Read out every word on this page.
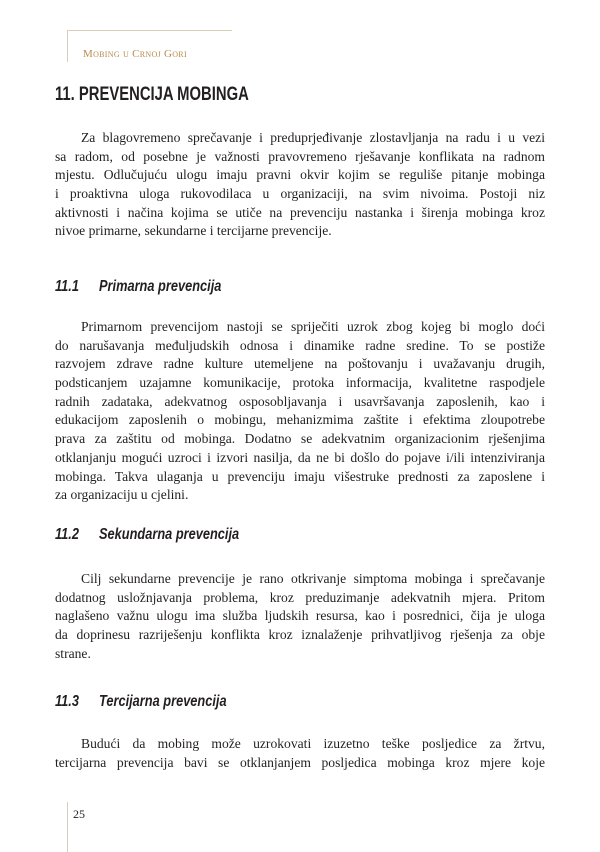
Mobing u Crnoj Gori
11. PREVENCIJA MOBINGA
Za blagovremeno sprečavanje i preduprjeđivanje zlostavljanja na radu i u vezi
sa radom, od posebne je važnosti pravovremeno rješavanje konflikata na radnom
mjestu. Odlučujuću ulogu imaju pravni okvir kojim se reguliše pitanje mobinga
i proaktivna uloga rukovodilaca u organizaciji, na svim nivoima. Postoji niz
aktivnosti i načina kojima se utiče na prevenciju nastanka i širenja mobinga kroz
nivoe primarne, sekundarne i tercijarne prevencije.
11.1 Primarna prevencija
Primarnom prevencijom nastoji se spriječiti uzrok zbog kojeg bi moglo doći
do narušavanja međuljudskih odnosa i dinamike radne sredine. To se postiže
razvojem zdrave radne kulture utemeljene na poštovanju i uvažavanju drugih,
podsticanjem uzajamne komunikacije, protoka informacija, kvalitetne raspodjele
radnih zadataka, adekvatnog osposobljavanja i usavršavanja zaposlenih, kao i
edukacijom zaposlenih o mobingu, mehanizmima zaštite i efektima zloupotrebe
prava za zaštitu od mobinga. Dodatno se adekvatnim organizacionim rješenjima
otklanjanju mogući uzroci i izvori nasilja, da ne bi došlo do pojave i/ili intenziviranja
mobinga. Takva ulaganja u prevenciju imaju višestruke prednosti za zaposlene i
za organizaciju u cjelini.
11.2 Sekundarna prevencija
Cilj sekundarne prevencije je rano otkrivanje simptoma mobinga i sprečavanje
dodatnog usložnjavanja problema, kroz preduzimanje adekvatnih mjera. Pritom
naglašeno važnu ulogu ima služba ljudskih resursa, kao i posrednici, čija je uloga
da doprinesu razriješenju konflikta kroz iznalaženje prihvatljivog rješenja za obje
strane.
11.3 Tercijarna prevencija
Budući da mobing može uzrokovati izuzetno teške posljedice za žrtvu,
tercijarna prevencija bavi se otklanjanjem posljedica mobinga kroz mjere koje
25
